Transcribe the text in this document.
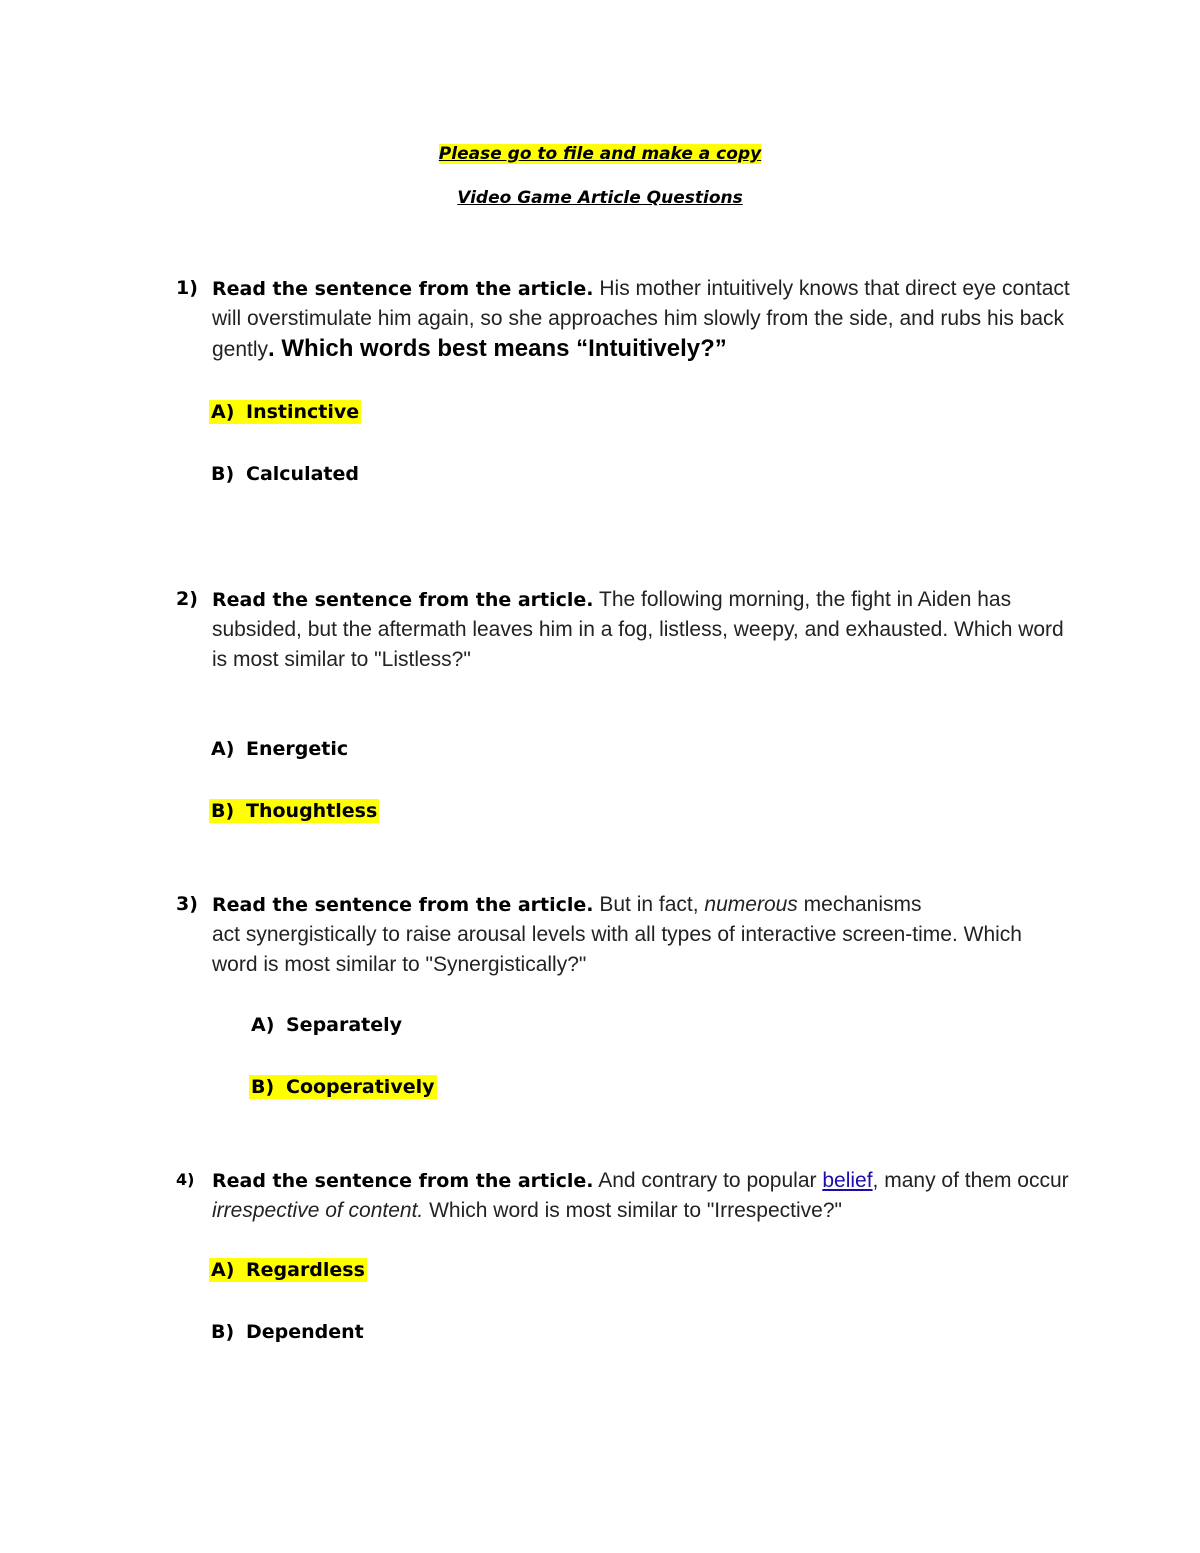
Please go to file and make a copy
Video Game Article Questions
1) Read the sentence from the article. His mother intuitively knows that direct eye contact will overstimulate him again, so she approaches him slowly from the side, and rubs his back gently. Which words best means “Intuitively?”
A) Instinctive
B) Calculated
2) Read the sentence from the article. The following morning, the fight in Aiden has subsided, but the aftermath leaves him in a fog, listless, weepy, and exhausted. Which word is most similar to "Listless?"
A) Energetic
B) Thoughtless
3) Read the sentence from the article. But in fact, numerous mechanisms
act synergistically to raise arousal levels with all types of interactive screen-time. Which word is most similar to "Synergistically?"
A) Separately
B) Cooperatively
4) Read the sentence from the article. And contrary to popular belief, many of them occur irrespective of content. Which word is most similar to "Irrespective?"
A) Regardless
B) Dependent
